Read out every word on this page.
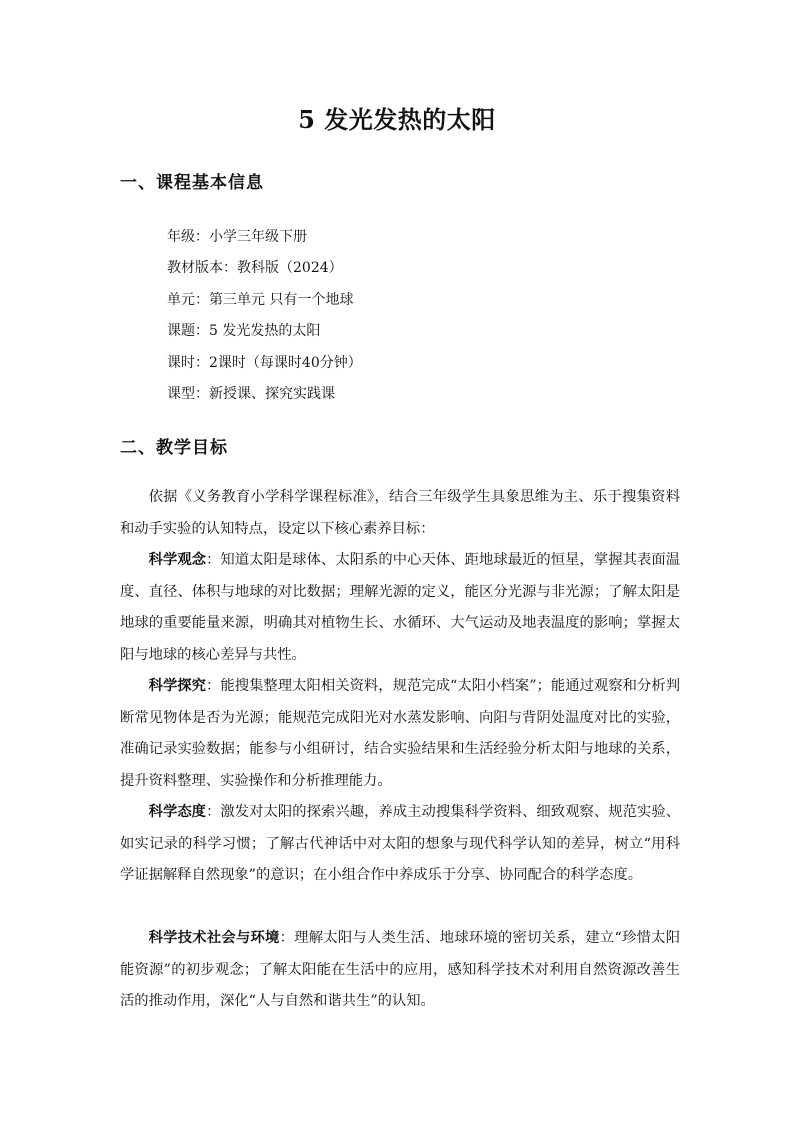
5 发光发热的太阳
一、课程基本信息
年级：小学三年级下册
教材版本：教科版（2024）
单元：第三单元 只有一个地球
课题：5 发光发热的太阳
课时：2课时（每课时40分钟）
课型：新授课、探究实践课
二、教学目标

依据《义务教育小学科学课程标准》，结合三年级学生具象思维为主、乐于搜集资料和动手实验的认知特点，设定以下核心素养目标：

科学观念：知道太阳是球体、太阳系的中心天体、距地球最近的恒星，掌握其表面温度、直径、体积与地球的对比数据；理解光源的定义，能区分光源与非光源；了解太阳是地球的重要能量来源，明确其对植物生长、水循环、大气运动及地表温度的影响；掌握太阳与地球的核心差异与共性。

科学探究：能搜集整理太阳相关资料，规范完成“太阳小档案”；能通过观察和分析判断常见物体是否为光源；能规范完成阳光对水蒸发影响、向阳与背阴处温度对比的实验，准确记录实验数据；能参与小组研讨，结合实验结果和生活经验分析太阳与地球的关系，提升资料整理、实验操作和分析推理能力。

科学态度：激发对太阳的探索兴趣，养成主动搜集科学资料、细致观察、规范实验、如实记录的科学习惯；了解古代神话中对太阳的想象与现代科学认知的差异，树立“用科学证据解释自然现象”的意识；在小组合作中养成乐于分享、协同配合的科学态度。

科学技术社会与环境：理解太阳与人类生活、地球环境的密切关系，建立“珍惜太阳能资源”的初步观念；了解太阳能在生活中的应用，感知科学技术对利用自然资源改善生活的推动作用，深化“人与自然和谐共生”的认知。
